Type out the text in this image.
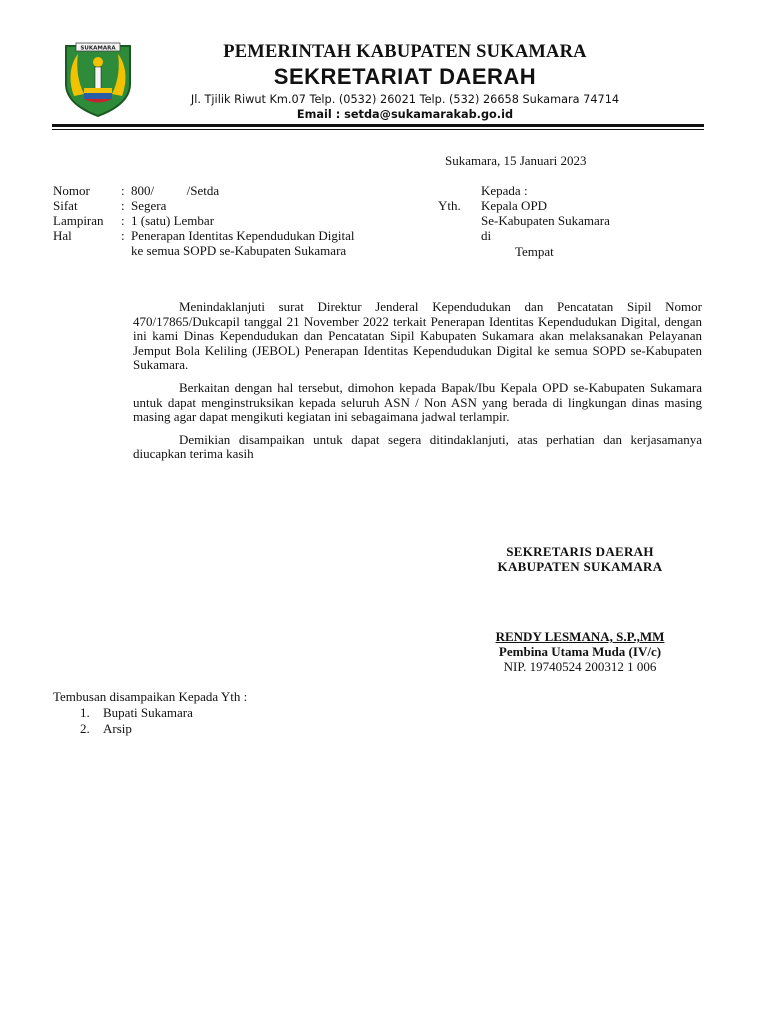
SUKAMARA	PEMERINTAH KABUPATEN SUKAMARA
SEKRETARIAT DAERAH
Jl. Tjilik Riwut Km.07 Telp. (0532) 26021 Telp. (532) 26658 Sukamara 74714
Email : setda@sukamarakab.go.id
Sukamara, 15 Januari 2023
Nomor	: 800/          /Setda
Sifat	: Segera
Lampiran	: 1 (satu) Lembar
Hal	: Penerapan Identitas Kependudukan Digital
ke semua SOPD se-Kabupaten Sukamara
Yth.
Kepada :
Kepala OPD
Se-Kabupaten Sukamara
di
Tempat

Menindaklanjuti surat Direktur Jenderal Kependudukan dan Pencatatan Sipil Nomor 470/17865/Dukcapil tanggal 21 November 2022 terkait Penerapan Identitas Kependudukan Digital, dengan ini kami Dinas Kependudukan dan Pencatatan Sipil Kabupaten Sukamara akan melaksanakan Pelayanan Jemput Bola Keliling (JEBOL) Penerapan Identitas Kependudukan Digital ke semua SOPD se-Kabupaten Sukamara.

Berkaitan dengan hal tersebut, dimohon kepada Bapak/Ibu Kepala OPD se-Kabupaten Sukamara untuk dapat menginstruksikan kepada seluruh ASN / Non ASN yang berada di lingkungan dinas masing masing agar dapat mengikuti kegiatan ini sebagaimana jadwal terlampir.

Demikian disampaikan untuk dapat segera ditindaklanjuti, atas perhatian dan kerjasamanya diucapkan terima kasih

SEKRETARIS DAERAH
KABUPATEN SUKAMARA
RENDY LESMANA, S.P.,MM
Pembina Utama Muda (IV/c)
NIP. 19740524 200312 1 006
Tembusan disampaikan Kepada Yth :
1.	Bupati Sukamara
2.	Arsip
